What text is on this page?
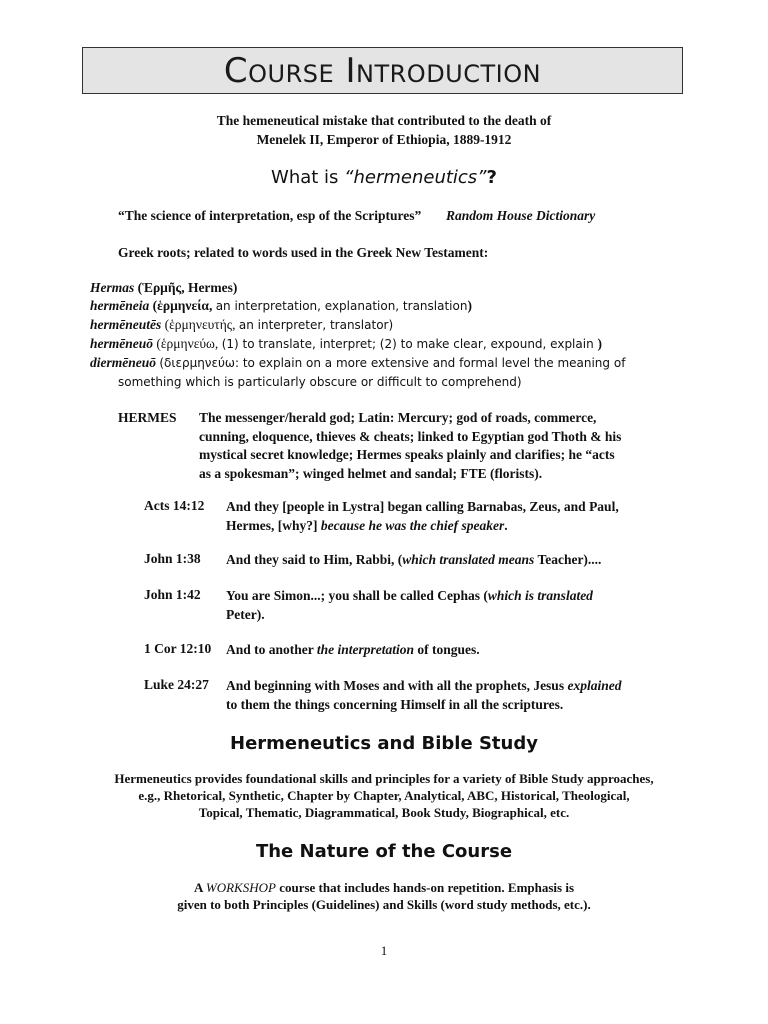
Course Introduction
The hemeneutical mistake that contributed to the death of
Menelek II, Emperor of Ethiopia, 1889-1912
What is “hermeneutics”?
“The science of interpretation, esp of the Scriptures” Random House Dictionary
Greek roots; related to words used in the Greek New Testament:
Hermas (Ἑρμῆς, Hermes)
hermēneia (ἑρμηνεία, an interpretation, explanation, translation)
hermēneutēs (ἑρμηνευτής, an interpreter, translator)
hermēneuō (ἑρμηνεύω, (1) to translate, interpret; (2) to make clear, expound, explain )
diermēneuō (διερμηνεύω: to explain on a more extensive and formal level the meaning of
something which is particularly obscure or difficult to comprehend)
HERMES The messenger/herald god; Latin: Mercury; god of roads, commerce,
cunning, eloquence, thieves & cheats; linked to Egyptian god Thoth & his
mystical secret knowledge; Hermes speaks plainly and clarifies; he “acts
as a spokesman”; winged helmet and sandal; FTE (florists).
Acts 14:12 And they [people in Lystra] began calling Barnabas, Zeus, and Paul,
Hermes, [why?] because he was the chief speaker.
John 1:38 And they said to Him, Rabbi, (which translated means Teacher)....
John 1:42 You are Simon...; you shall be called Cephas (which is translated
Peter).
1 Cor 12:10 And to another the interpretation of tongues.
Luke 24:27 And beginning with Moses and with all the prophets, Jesus explained
to them the things concerning Himself in all the scriptures.
Hermeneutics and Bible Study
Hermeneutics provides foundational skills and principles for a variety of Bible Study approaches,
e.g., Rhetorical, Synthetic, Chapter by Chapter, Analytical, ABC, Historical, Theological,
Topical, Thematic, Diagrammatical, Book Study, Biographical, etc.
The Nature of the Course
A WORKSHOP course that includes hands-on repetition. Emphasis is
given to both Principles (Guidelines) and Skills (word study methods, etc.).
1
